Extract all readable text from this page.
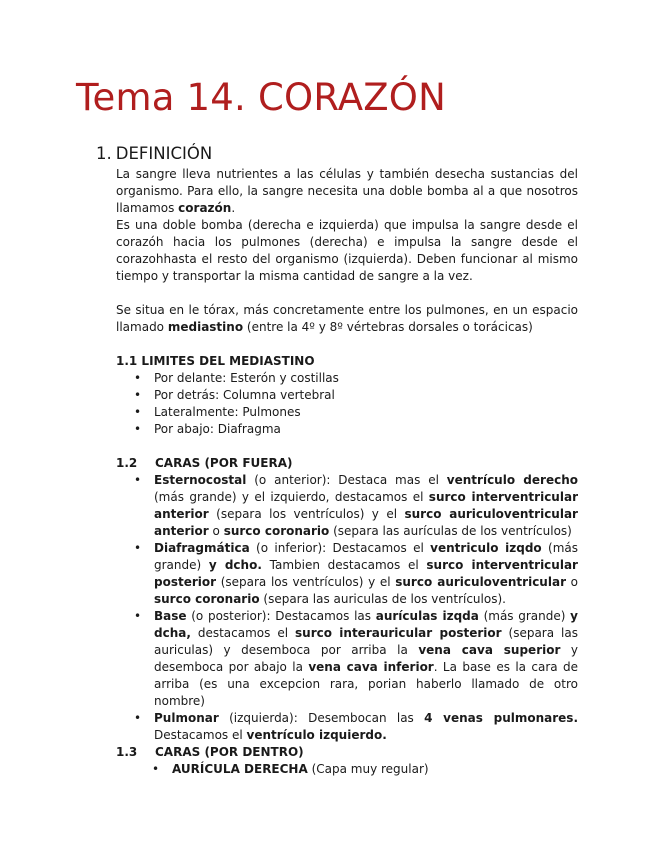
Tema 14. CORAZÓN
1. DEFINICIÓN

La sangre lleva nutrientes a las células y también desecha sustancias del organismo. Para ello, la sangre necesita una doble bomba al a que nosotros llamamos corazón.

Es una doble bomba (derecha e izquierda) que impulsa la sangre desde el corazóh hacia los pulmones (derecha) e impulsa la sangre desde el corazohhasta el resto del organismo (izquierda). Deben funcionar al mismo tiempo y transportar la misma cantidad de sangre a la vez.

Se situa en le tórax, más concretamente entre los pulmones, en un espacio llamado mediastino (entre la 4º y 8º vértebras dorsales o torácicas)

1.1 LIMITES DEL MEDIASTINO

• Por delante: Esterón y costillas
• Por detrás: Columna vertebral
• Lateralmente: Pulmones
• Por abajo: Diafragma

1.2 CARAS (POR FUERA)

• Esternocostal (o anterior): Destaca mas el ventrículo derecho (más grande) y el izquierdo, destacamos el surco interventricular anterior (separa los ventrículos) y el surco auriculoventricular anterior o surco coronario (separa las aurículas de los ventrículos)
• Diafragmática (o inferior): Destacamos el ventriculo izqdo (más grande) y dcho. Tambien destacamos el surco interventricular posterior (separa los ventrículos) y el surco auriculoventricular o surco coronario (separa las auriculas de los ventrículos).
• Base (o posterior): Destacamos las aurículas izqda (más grande) y dcha, destacamos el surco interauricular posterior (separa las auriculas) y desemboca por arriba la vena cava superior y desemboca por abajo la vena cava inferior. La base es la cara de arriba (es una excepcion rara, porian haberlo llamado de otro nombre)
• Pulmonar (izquierda): Desembocan las 4 venas pulmonares. Destacamos el ventrículo izquierdo.

1.3 CARAS (POR DENTRO)

• AURÍCULA DERECHA (Capa muy regular)
